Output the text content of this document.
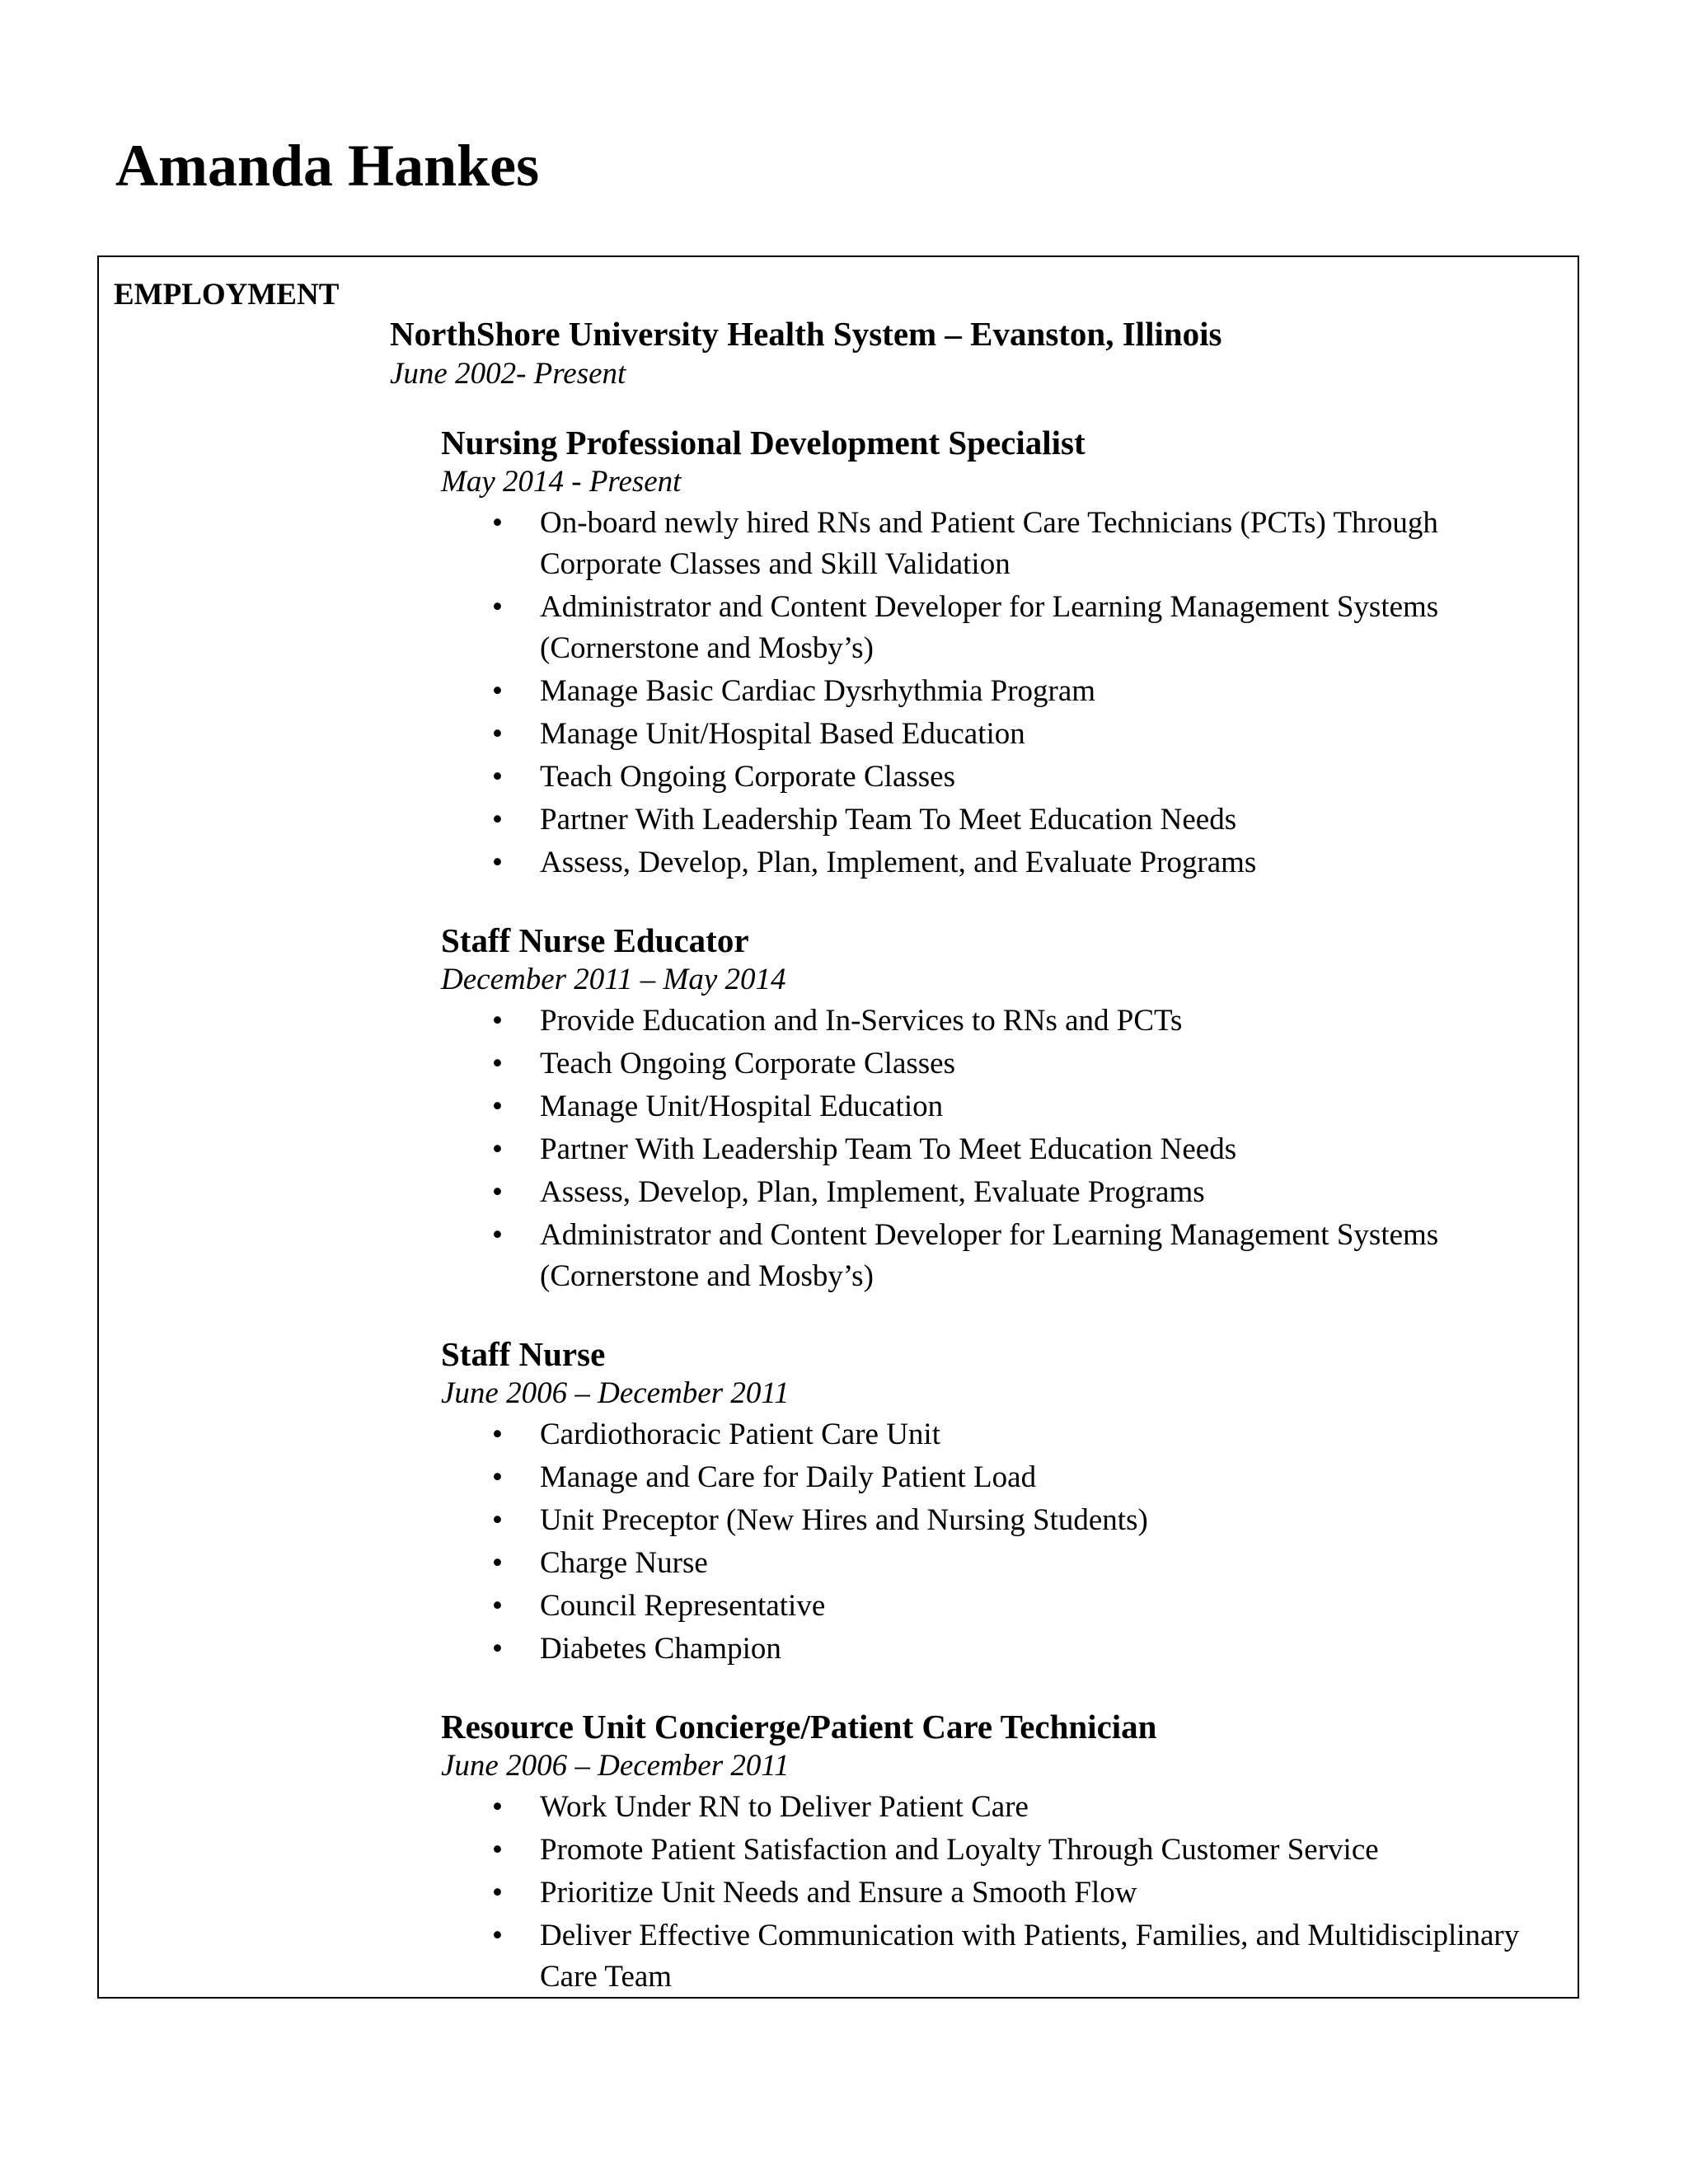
Amanda Hankes
EMPLOYMENT
NorthShore University Health System – Evanston, Illinois
June 2002- Present
Nursing Professional Development Specialist
May 2014 - Present
• On-board newly hired RNs and Patient Care Technicians (PCTs) Through Corporate Classes and Skill Validation
• Administrator and Content Developer for Learning Management Systems (Cornerstone and Mosby’s)
• Manage Basic Cardiac Dysrhythmia Program
• Manage Unit/Hospital Based Education
• Teach Ongoing Corporate Classes
• Partner With Leadership Team To Meet Education Needs
• Assess, Develop, Plan, Implement, and Evaluate Programs
Staff Nurse Educator
December 2011 – May 2014
• Provide Education and In-Services to RNs and PCTs
• Teach Ongoing Corporate Classes
• Manage Unit/Hospital Education
• Partner With Leadership Team To Meet Education Needs
• Assess, Develop, Plan, Implement, Evaluate Programs
• Administrator and Content Developer for Learning Management Systems (Cornerstone and Mosby’s)
Staff Nurse
June 2006 – December 2011
• Cardiothoracic Patient Care Unit
• Manage and Care for Daily Patient Load
• Unit Preceptor (New Hires and Nursing Students)
• Charge Nurse
• Council Representative
• Diabetes Champion
Resource Unit Concierge/Patient Care Technician
June 2006 – December 2011
• Work Under RN to Deliver Patient Care
• Promote Patient Satisfaction and Loyalty Through Customer Service
• Prioritize Unit Needs and Ensure a Smooth Flow
• Deliver Effective Communication with Patients, Families, and Multidisciplinary Care Team
